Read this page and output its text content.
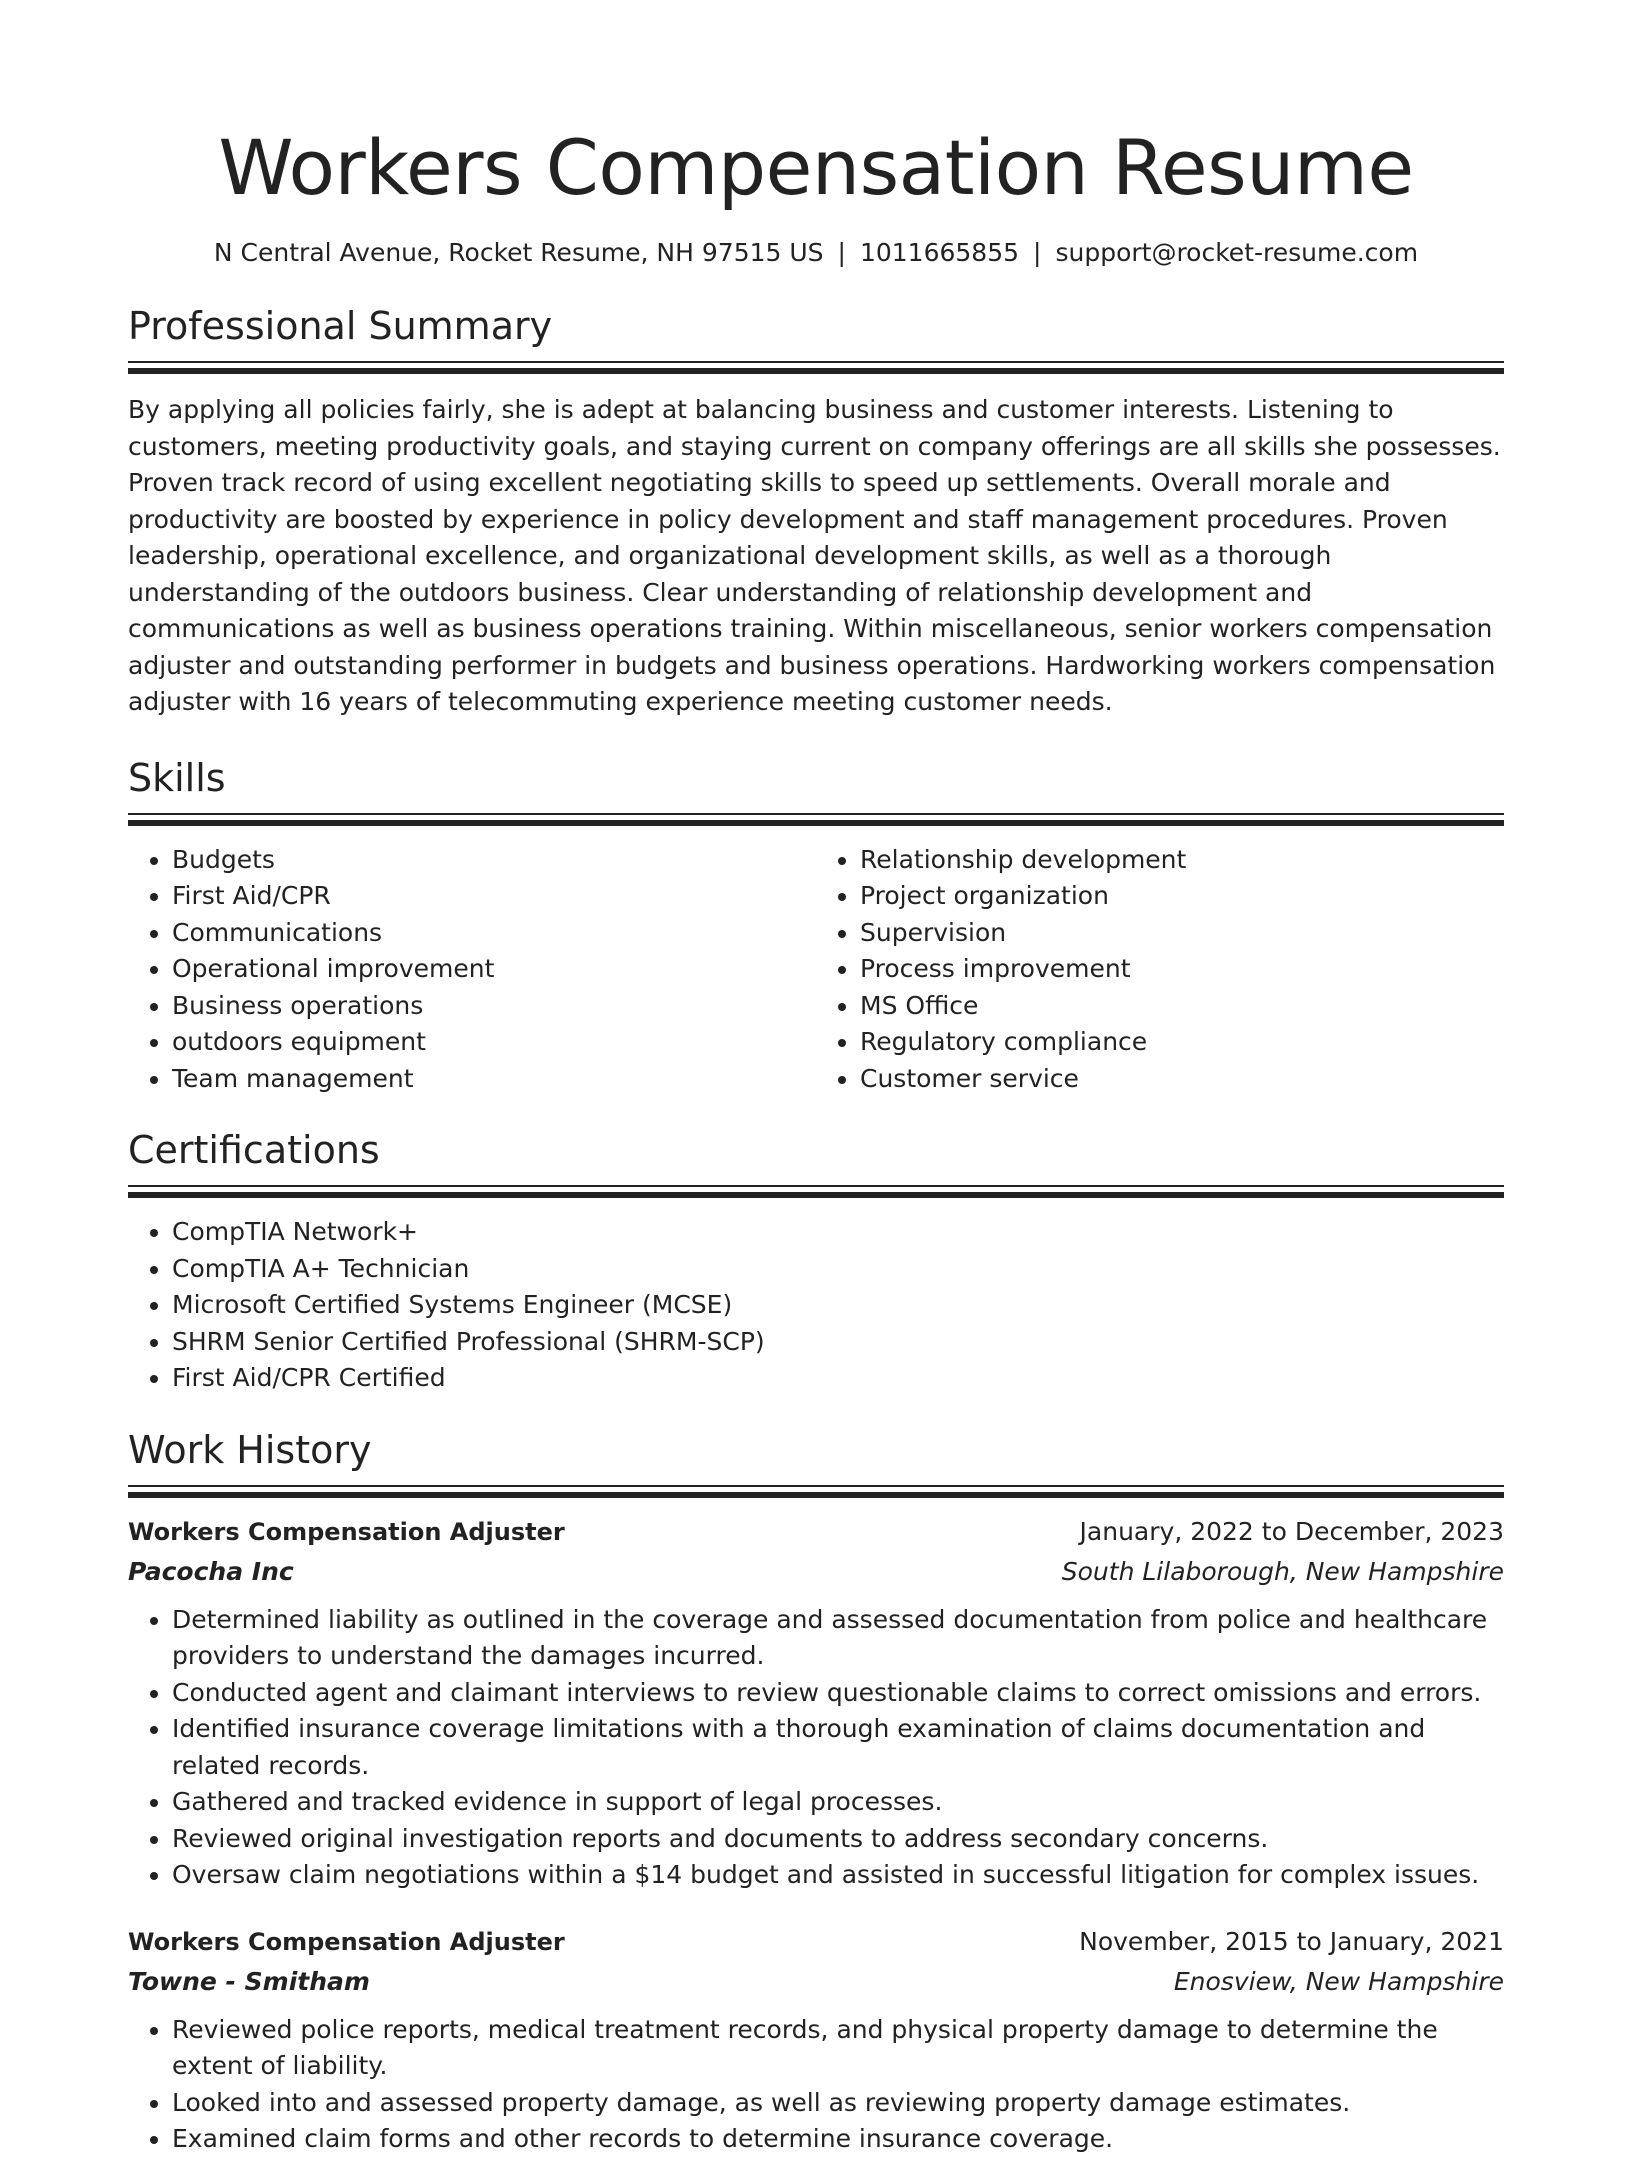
Workers Compensation Resume
N Central Avenue, Rocket Resume, NH 97515 US | 1011665855 | support@rocket-resume.com
Professional Summary

By applying all policies fairly, she is adept at balancing business and customer interests. Listening to customers, meeting productivity goals, and staying current on company offerings are all skills she possesses. Proven track record of using excellent negotiating skills to speed up settlements. Overall morale and productivity are boosted by experience in policy development and staff management procedures. Proven leadership, operational excellence, and organizational development skills, as well as a thorough understanding of the outdoors business. Clear understanding of relationship development and communications as well as business operations training. Within miscellaneous, senior workers compensation adjuster and outstanding performer in budgets and business operations. Hardworking workers compensation adjuster with 16 years of telecommuting experience meeting customer needs.

Skills
• Budgets
• First Aid/CPR
• Communications
• Operational improvement
• Business operations
• outdoors equipment
• Team management
• Relationship development
• Project organization
• Supervision
• Process improvement
• MS Office
• Regulatory compliance
• Customer service
Certifications
• CompTIA Network+
• CompTIA A+ Technician
• Microsoft Certified Systems Engineer (MCSE)
• SHRM Senior Certified Professional (SHRM-SCP)
• First Aid/CPR Certified
Work History
Workers Compensation Adjuster	January, 2022 to December, 2023
Pacocha Inc	South Lilaborough, New Hampshire
• Determined liability as outlined in the coverage and assessed documentation from police and healthcare providers to understand the damages incurred.
• Conducted agent and claimant interviews to review questionable claims to correct omissions and errors.
• Identified insurance coverage limitations with a thorough examination of claims documentation and related records.
• Gathered and tracked evidence in support of legal processes.
• Reviewed original investigation reports and documents to address secondary concerns.
• Oversaw claim negotiations within a $14 budget and assisted in successful litigation for complex issues.
Workers Compensation Adjuster	November, 2015 to January, 2021
Towne - Smitham	Enosview, New Hampshire
• Reviewed police reports, medical treatment records, and physical property damage to determine the extent of liability.
• Looked into and assessed property damage, as well as reviewing property damage estimates.
• Examined claim forms and other records to determine insurance coverage.
